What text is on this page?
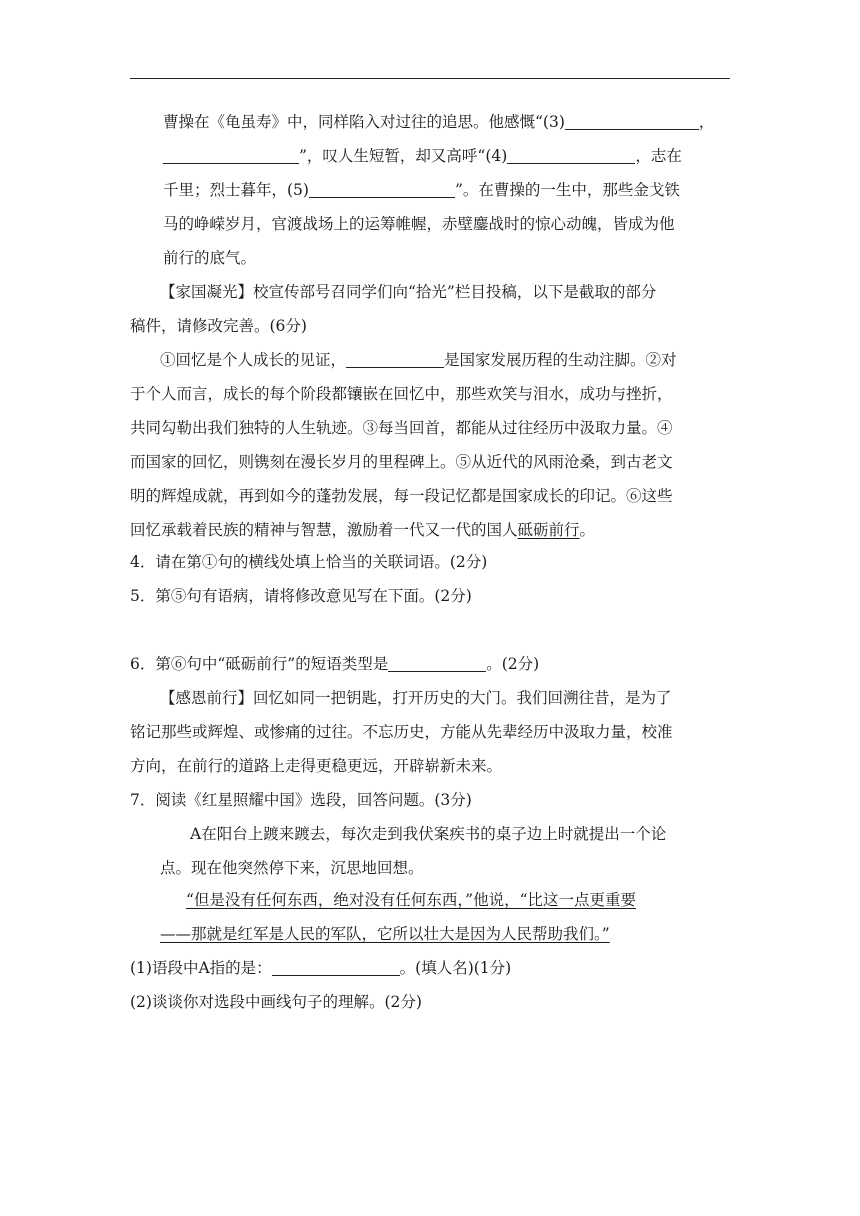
曹操在《龟虽寿》中，同样陷入对过往的追思。他感慨“(3)	，
”，叹人生短暂，却又高呼“(4)	，志在
千里；烈士暮年，(5)	”。在曹操的一生中，那些金戈铁
马的峥嵘岁月，官渡战场上的运筹帷幄，赤壁鏖战时的惊心动魄，皆成为他
前行的底气。
【家国凝光】校宣传部号召同学们向“拾光”栏目投稿，以下是截取的部分
稿件，请修改完善。(6分)
①回忆是个人成长的见证，	是国家发展历程的生动注脚。②对
于个人而言，成长的每个阶段都镶嵌在回忆中，那些欢笑与泪水，成功与挫折，
共同勾勒出我们独特的人生轨迹。③每当回首，都能从过往经历中汲取力量。④
而国家的回忆，则镌刻在漫长岁月的里程碑上。⑤从近代的风雨沧桑，到古老文
明的辉煌成就，再到如今的蓬勃发展，每一段记忆都是国家成长的印记。⑥这些
回忆承载着民族的精神与智慧，激励着一代又一代的国人砥砺前行。
4．请在第①句的横线处填上恰当的关联词语。(2分)
5．第⑤句有语病，请将修改意见写在下面。(2分)
6．第⑥句中“砥砺前行”的短语类型是	。(2分)
【感恩前行】回忆如同一把钥匙，打开历史的大门。我们回溯往昔，是为了
铭记那些或辉煌、或惨痛的过往。不忘历史，方能从先辈经历中汲取力量，校准
方向，在前行的道路上走得更稳更远，开辟崭新未来。
7．阅读《红星照耀中国》选段，回答问题。(3分)
A在阳台上踱来踱去，每次走到我伏案疾书的桌子边上时就提出一个论
点。现在他突然停下来，沉思地回想。
“但是没有任何东西，绝对没有任何东西，”他说，“比这一点更重要
——那就是红军是人民的军队，它所以壮大是因为人民帮助我们。”
(1)语段中A指的是：	。(填人名)(1分)
(2)谈谈你对选段中画线句子的理解。(2分)
